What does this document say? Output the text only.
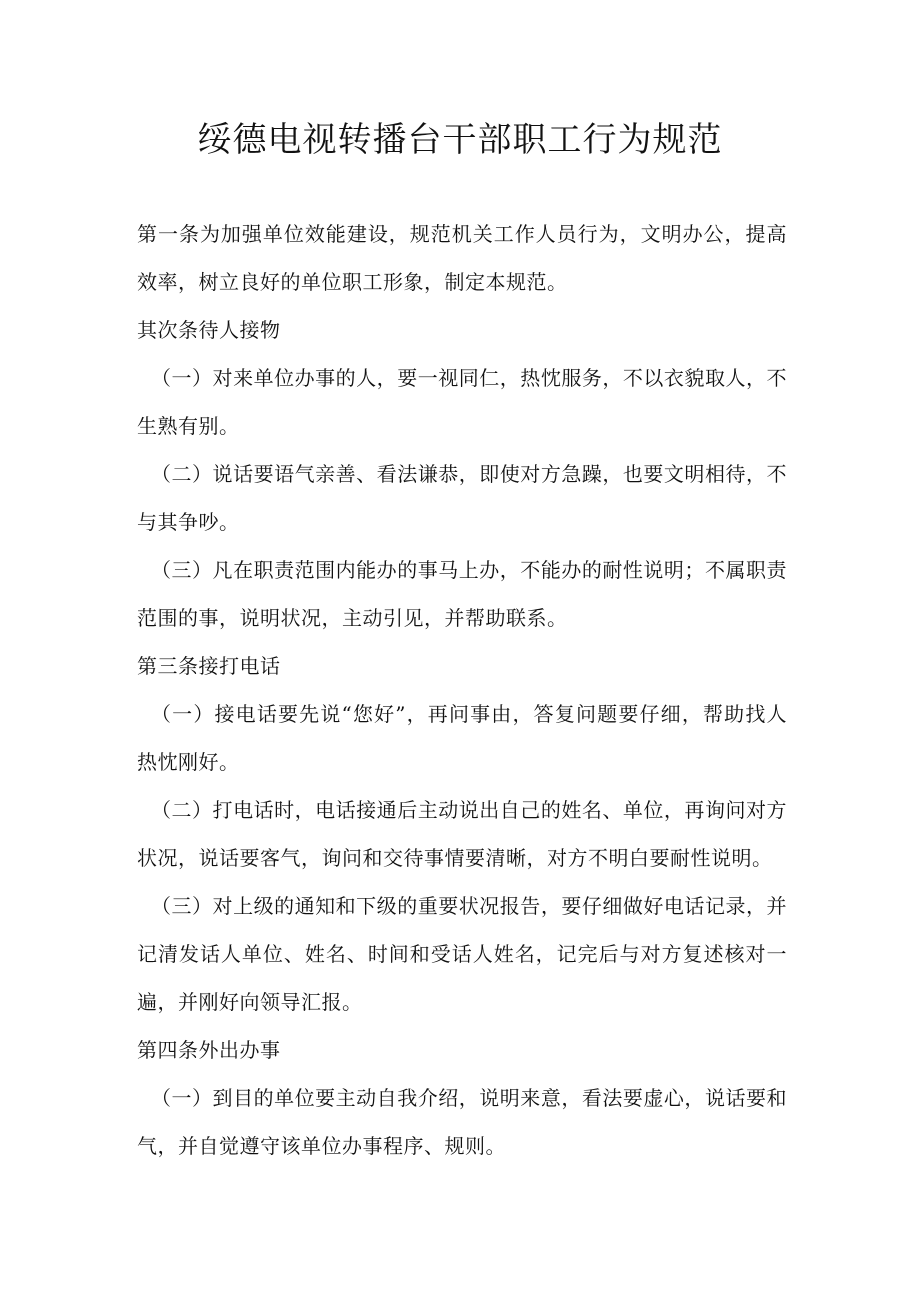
绥德电视转播台干部职工行为规范

第一条为加强单位效能建设，规范机关工作人员行为，文明办公，提高效率，树立良好的单位职工形象，制定本规范。

其次条待人接物

（一）对来单位办事的人，要一视同仁，热忱服务，不以衣貌取人，不生熟有别。

（二）说话要语气亲善、看法谦恭，即使对方急躁，也要文明相待，不与其争吵。

（三）凡在职责范围内能办的事马上办，不能办的耐性说明；不属职责范围的事，说明状况，主动引见，并帮助联系。

第三条接打电话

（一）接电话要先说“您好”，再问事由，答复问题要仔细，帮助找人热忱刚好。

（二）打电话时，电话接通后主动说出自己的姓名、单位，再询问对方状况，说话要客气，询问和交待事情要清晰，对方不明白要耐性说明。

（三）对上级的通知和下级的重要状况报告，要仔细做好电话记录，并记清发话人单位、姓名、时间和受话人姓名，记完后与对方复述核对一遍，并刚好向领导汇报。

第四条外出办事

（一）到目的单位要主动自我介绍，说明来意，看法要虚心，说话要和气，并自觉遵守该单位办事程序、规则。
